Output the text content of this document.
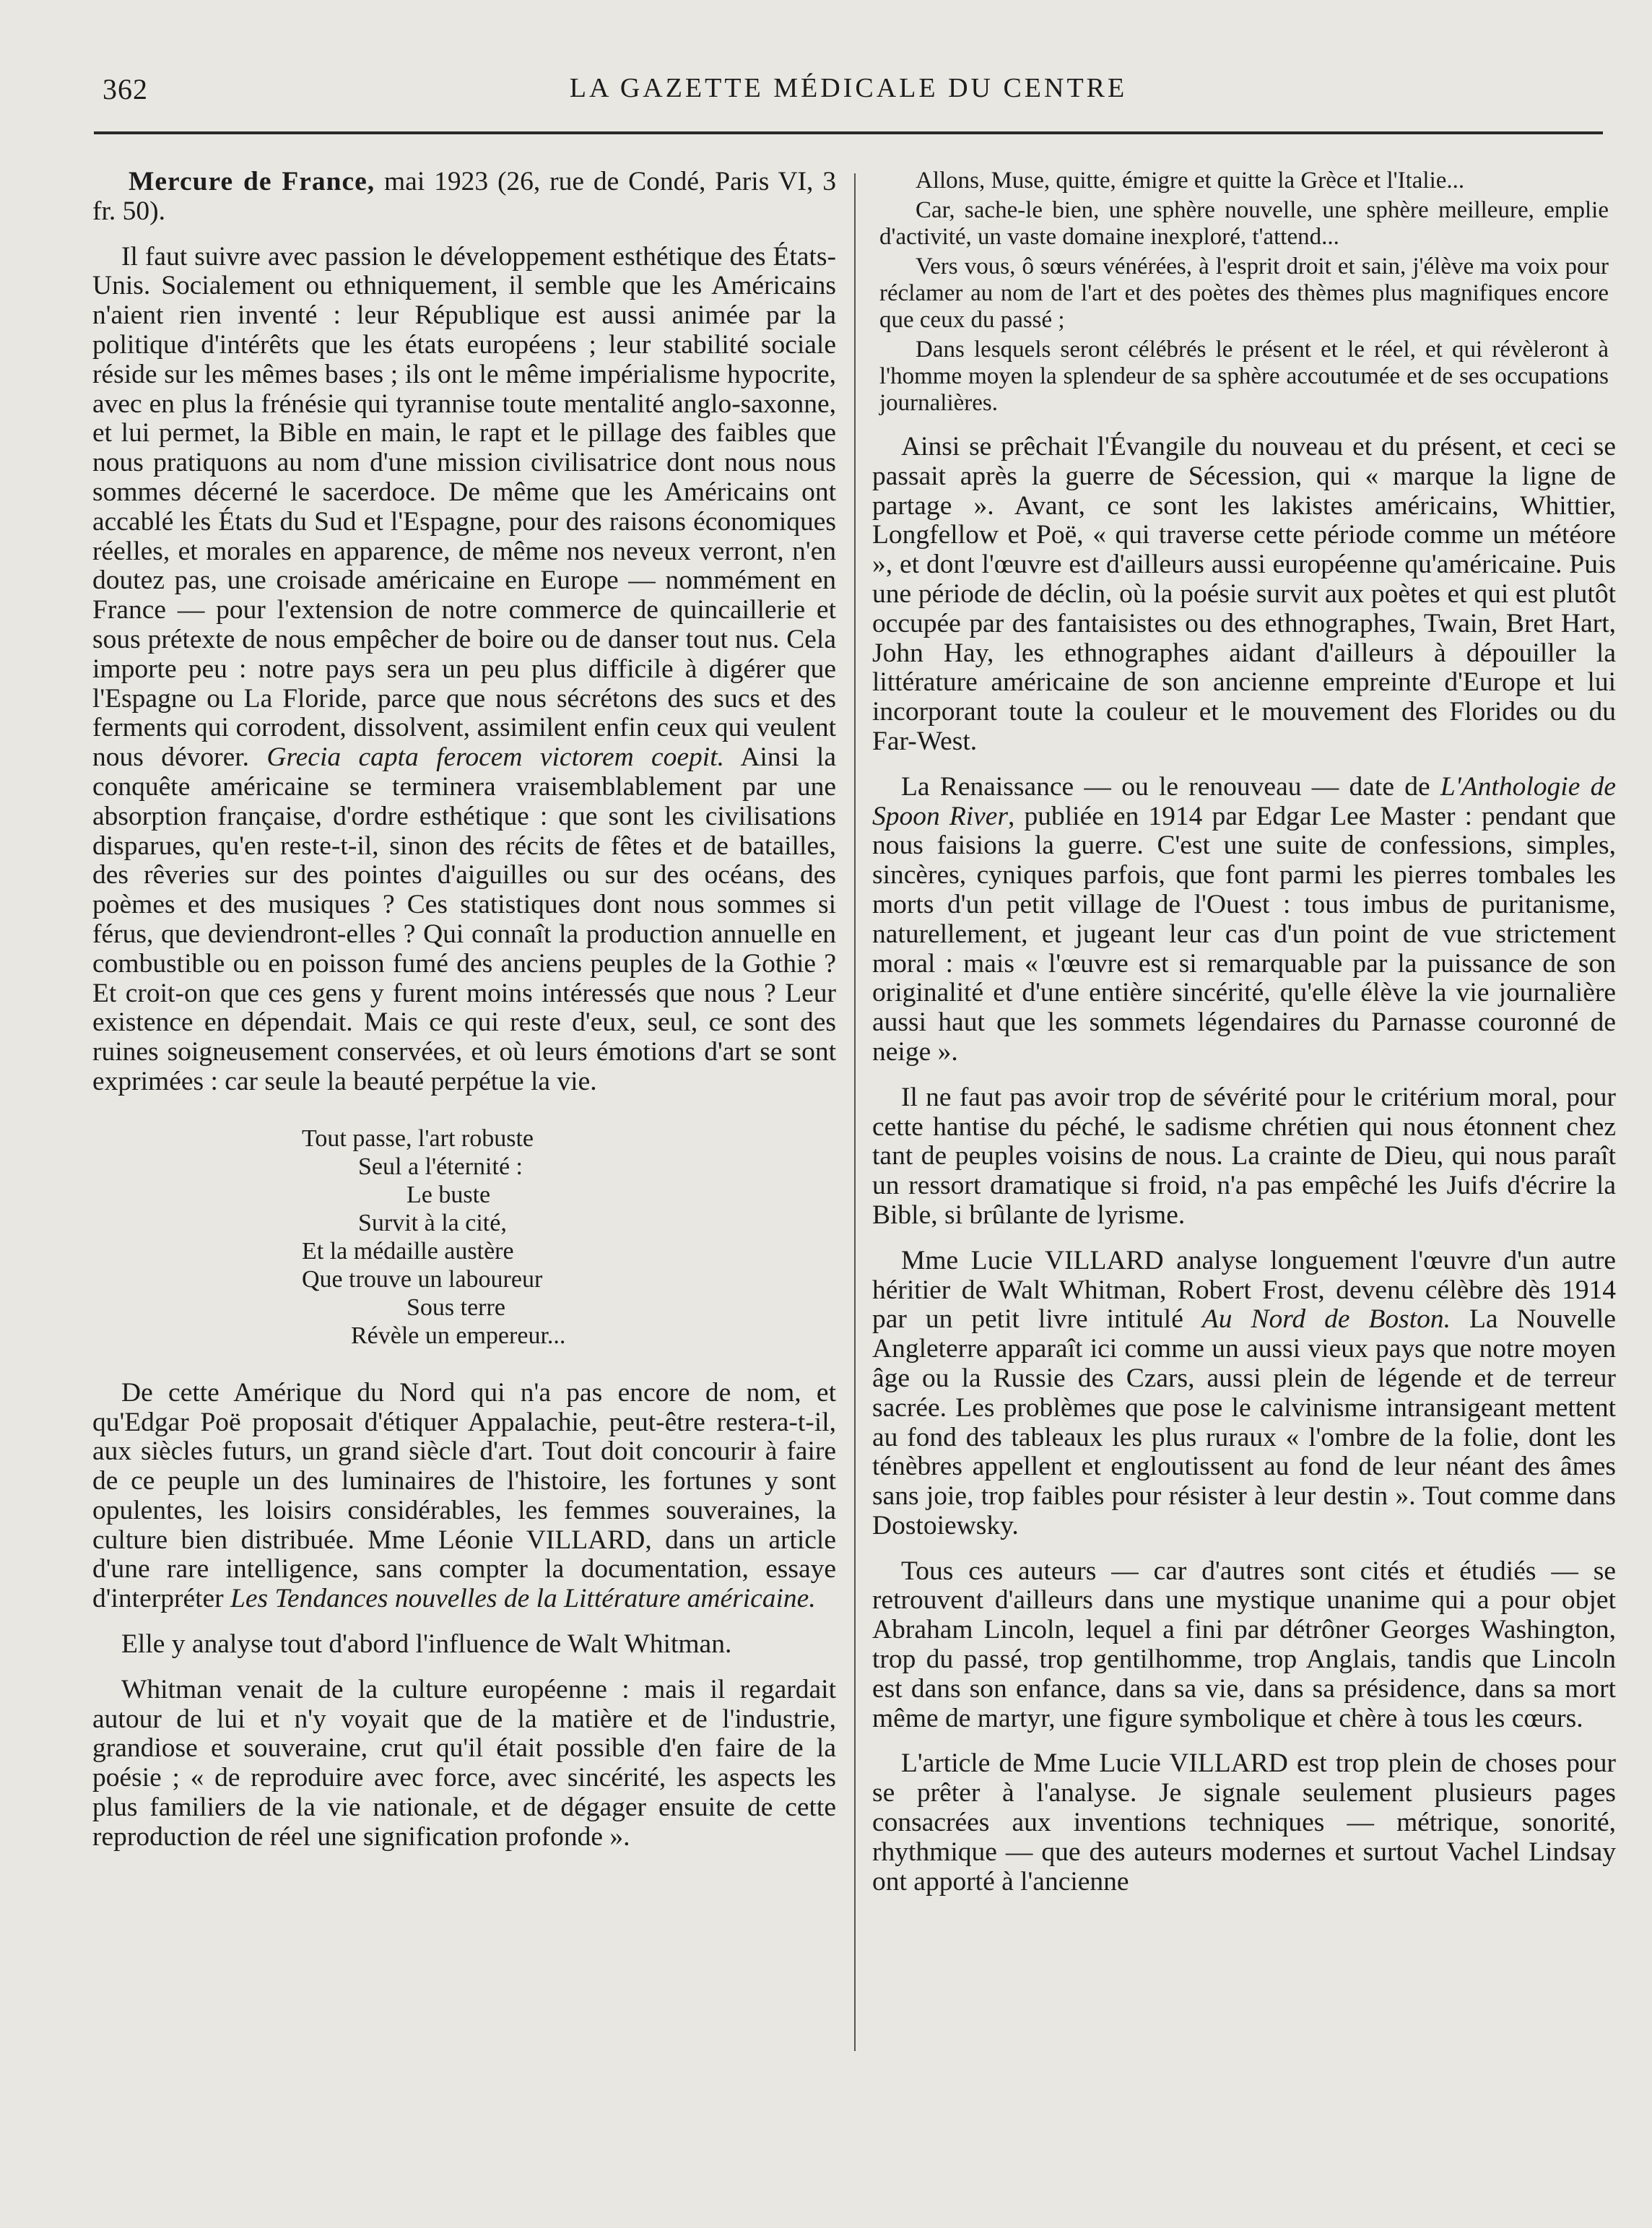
362	LA GAZETTE MÉDICALE DU CENTRE

Mercure de France, mai 1923 (26, rue de Condé, Paris VI, 3 fr. 50).

Il faut suivre avec passion le développement esthétique des États-Unis. Socialement ou ethniquement, il semble que les Américains n'aient rien inventé : leur République est aussi animée par la politique d'intérêts que les états européens ; leur stabilité sociale réside sur les mêmes bases ; ils ont le même impérialisme hypocrite, avec en plus la frénésie qui tyrannise toute mentalité anglo-saxonne, et lui permet, la Bible en main, le rapt et le pillage des faibles que nous pratiquons au nom d'une mission civilisatrice dont nous nous sommes décerné le sacerdoce. De même que les Américains ont accablé les États du Sud et l'Espagne, pour des raisons économiques réelles, et morales en apparence, de même nos neveux verront, n'en doutez pas, une croisade américaine en Europe — nommément en France — pour l'extension de notre commerce de quincaillerie et sous prétexte de nous empêcher de boire ou de danser tout nus. Cela importe peu : notre pays sera un peu plus difficile à digérer que l'Espagne ou La Floride, parce que nous sécrétons des sucs et des ferments qui corrodent, dissolvent, assimilent enfin ceux qui veulent nous dévorer. Grecia capta ferocem victorem coepit. Ainsi la conquête américaine se terminera vraisemblablement par une absorption française, d'ordre esthétique : que sont les civilisations disparues, qu'en reste-t-il, sinon des récits de fêtes et de batailles, des rêveries sur des pointes d'aiguilles ou sur des océans, des poèmes et des musiques ? Ces statistiques dont nous sommes si férus, que deviendront-elles ? Qui connaît la production annuelle en combustible ou en poisson fumé des anciens peuples de la Gothie ? Et croit-on que ces gens y furent moins intéressés que nous ? Leur existence en dépendait. Mais ce qui reste d'eux, seul, ce sont des ruines soigneusement conservées, et où leurs émotions d'art se sont exprimées : car seule la beauté perpétue la vie.

Tout passe, l'art robuste
Seul a l'éternité :
Le buste
Survit à la cité,
Et la médaille austère
Que trouve un laboureur
Sous terre
Révèle un empereur...

De cette Amérique du Nord qui n'a pas encore de nom, et qu'Edgar Poë proposait d'étiquer Appalachie, peut-être restera-t-il, aux siècles futurs, un grand siècle d'art. Tout doit concourir à faire de ce peuple un des luminaires de l'histoire, les fortunes y sont opulentes, les loisirs considérables, les femmes souveraines, la culture bien distribuée. Mme Léonie VILLARD, dans un article d'une rare intelligence, sans compter la documentation, essaye d'interpréter Les Tendances nouvelles de la Littérature américaine.

Elle y analyse tout d'abord l'influence de Walt Whitman.

Whitman venait de la culture européenne : mais il regardait autour de lui et n'y voyait que de la matière et de l'industrie, grandiose et souveraine, crut qu'il était possible d'en faire de la poésie ; « de reproduire avec force, avec sincérité, les aspects les plus familiers de la vie nationale, et de dégager ensuite de cette reproduction de réel une signification profonde ».

Allons, Muse, quitte, émigre et quitte la Grèce et l'Italie...

Car, sache-le bien, une sphère nouvelle, une sphère meilleure, emplie d'activité, un vaste domaine inexploré, t'attend...

Vers vous, ô sœurs vénérées, à l'esprit droit et sain, j'élève ma voix pour réclamer au nom de l'art et des poètes des thèmes plus magnifiques encore que ceux du passé ;

Dans lesquels seront célébrés le présent et le réel, et qui révèleront à l'homme moyen la splendeur de sa sphère accoutumée et de ses occupations journalières.

Ainsi se prêchait l'Évangile du nouveau et du présent, et ceci se passait après la guerre de Sécession, qui « marque la ligne de partage ». Avant, ce sont les lakistes américains, Whittier, Longfellow et Poë, « qui traverse cette période comme un météore », et dont l'œuvre est d'ailleurs aussi européenne qu'américaine. Puis une période de déclin, où la poésie survit aux poètes et qui est plutôt occupée par des fantaisistes ou des ethnographes, Twain, Bret Hart, John Hay, les ethnographes aidant d'ailleurs à dépouiller la littérature américaine de son ancienne empreinte d'Europe et lui incorporant toute la couleur et le mouvement des Florides ou du Far-West.

La Renaissance — ou le renouveau — date de L'Anthologie de Spoon River, publiée en 1914 par Edgar Lee Master : pendant que nous faisions la guerre. C'est une suite de confessions, simples, sincères, cyniques parfois, que font parmi les pierres tombales les morts d'un petit village de l'Ouest : tous imbus de puritanisme, naturellement, et jugeant leur cas d'un point de vue strictement moral : mais « l'œuvre est si remarquable par la puissance de son originalité et d'une entière sincérité, qu'elle élève la vie journalière aussi haut que les sommets légendaires du Parnasse couronné de neige ».

Il ne faut pas avoir trop de sévérité pour le critérium moral, pour cette hantise du péché, le sadisme chrétien qui nous étonnent chez tant de peuples voisins de nous. La crainte de Dieu, qui nous paraît un ressort dramatique si froid, n'a pas empêché les Juifs d'écrire la Bible, si brûlante de lyrisme.

Mme Lucie VILLARD analyse longuement l'œuvre d'un autre héritier de Walt Whitman, Robert Frost, devenu célèbre dès 1914 par un petit livre intitulé Au Nord de Boston. La Nouvelle Angleterre apparaît ici comme un aussi vieux pays que notre moyen âge ou la Russie des Czars, aussi plein de légende et de terreur sacrée. Les problèmes que pose le calvinisme intransigeant mettent au fond des tableaux les plus ruraux « l'ombre de la folie, dont les ténèbres appellent et engloutissent au fond de leur néant des âmes sans joie, trop faibles pour résister à leur destin ». Tout comme dans Dostoiewsky.

Tous ces auteurs — car d'autres sont cités et étudiés — se retrouvent d'ailleurs dans une mystique unanime qui a pour objet Abraham Lincoln, lequel a fini par détrôner Georges Washington, trop du passé, trop gentilhomme, trop Anglais, tandis que Lincoln est dans son enfance, dans sa vie, dans sa présidence, dans sa mort même de martyr, une figure symbolique et chère à tous les cœurs.

L'article de Mme Lucie VILLARD est trop plein de choses pour se prêter à l'analyse. Je signale seulement plusieurs pages consacrées aux inventions techniques — métrique, sonorité, rhythmique — que des auteurs modernes et surtout Vachel Lindsay ont apporté à l'ancienne
